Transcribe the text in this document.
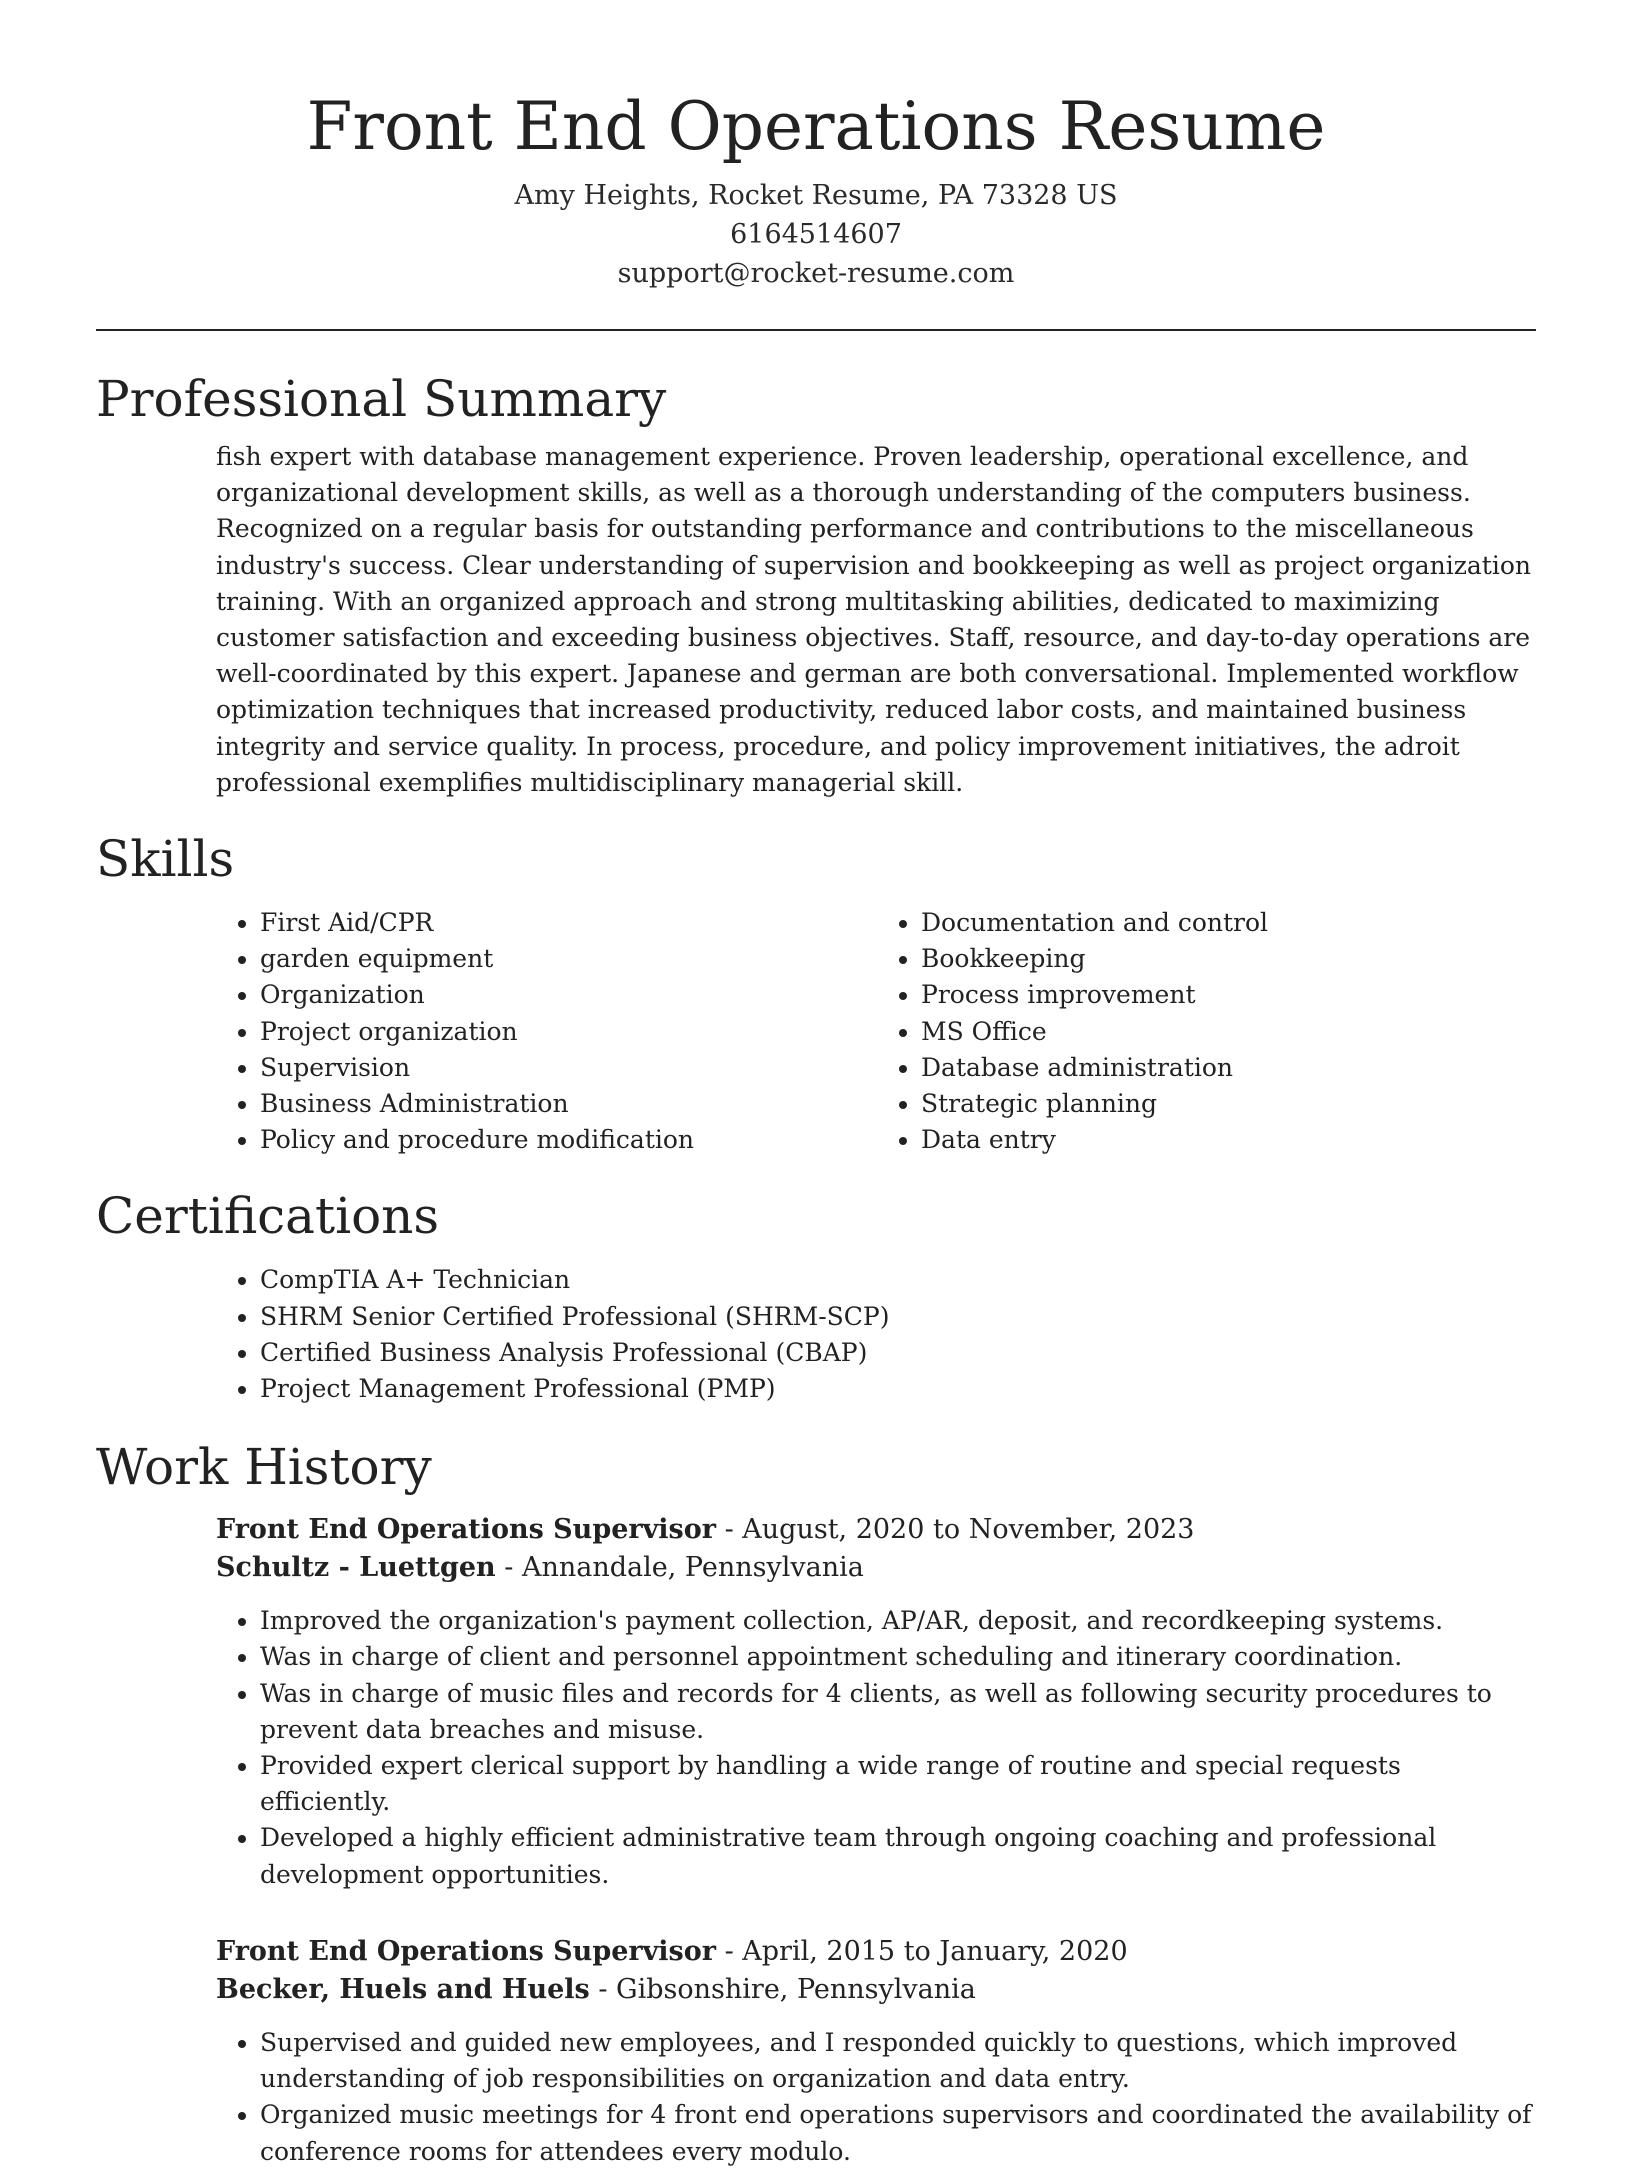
Front End Operations Resume
Amy Heights, Rocket Resume, PA 73328 US
6164514607
support@rocket-resume.com
Professional Summary

fish expert with database management experience. Proven leadership, operational excellence, and organizational development skills, as well as a thorough understanding of the computers business. Recognized on a regular basis for outstanding performance and contributions to the miscellaneous industry's success. Clear understanding of supervision and bookkeeping as well as project organization training. With an organized approach and strong multitasking abilities, dedicated to maximizing customer satisfaction and exceeding business objectives. Staff, resource, and day-to-day operations are well-coordinated by this expert. Japanese and german are both conversational. Implemented workflow optimization techniques that increased productivity, reduced labor costs, and maintained business integrity and service quality. In process, procedure, and policy improvement initiatives, the adroit professional exemplifies multidisciplinary managerial skill.

Skills
• First Aid/CPR
• garden equipment
• Organization
• Project organization
• Supervision
• Business Administration
• Policy and procedure modification
• Documentation and control
• Bookkeeping
• Process improvement
• MS Office
• Database administration
• Strategic planning
• Data entry
Certifications
• CompTIA A+ Technician
• SHRM Senior Certified Professional (SHRM-SCP)
• Certified Business Analysis Professional (CBAP)
• Project Management Professional (PMP)
Work History
Front End Operations Supervisor - August, 2020 to November, 2023
Schultz - Luettgen - Annandale, Pennsylvania
• Improved the organization's payment collection, AP/AR, deposit, and recordkeeping systems.
• Was in charge of client and personnel appointment scheduling and itinerary coordination.
• Was in charge of music files and records for 4 clients, as well as following security procedures to prevent data breaches and misuse.
• Provided expert clerical support by handling a wide range of routine and special requests efficiently.
• Developed a highly efficient administrative team through ongoing coaching and professional development opportunities.
Front End Operations Supervisor - April, 2015 to January, 2020
Becker, Huels and Huels - Gibsonshire, Pennsylvania
• Supervised and guided new employees, and I responded quickly to questions, which improved understanding of job responsibilities on organization and data entry.
• Organized music meetings for 4 front end operations supervisors and coordinated the availability of conference rooms for attendees every modulo.
